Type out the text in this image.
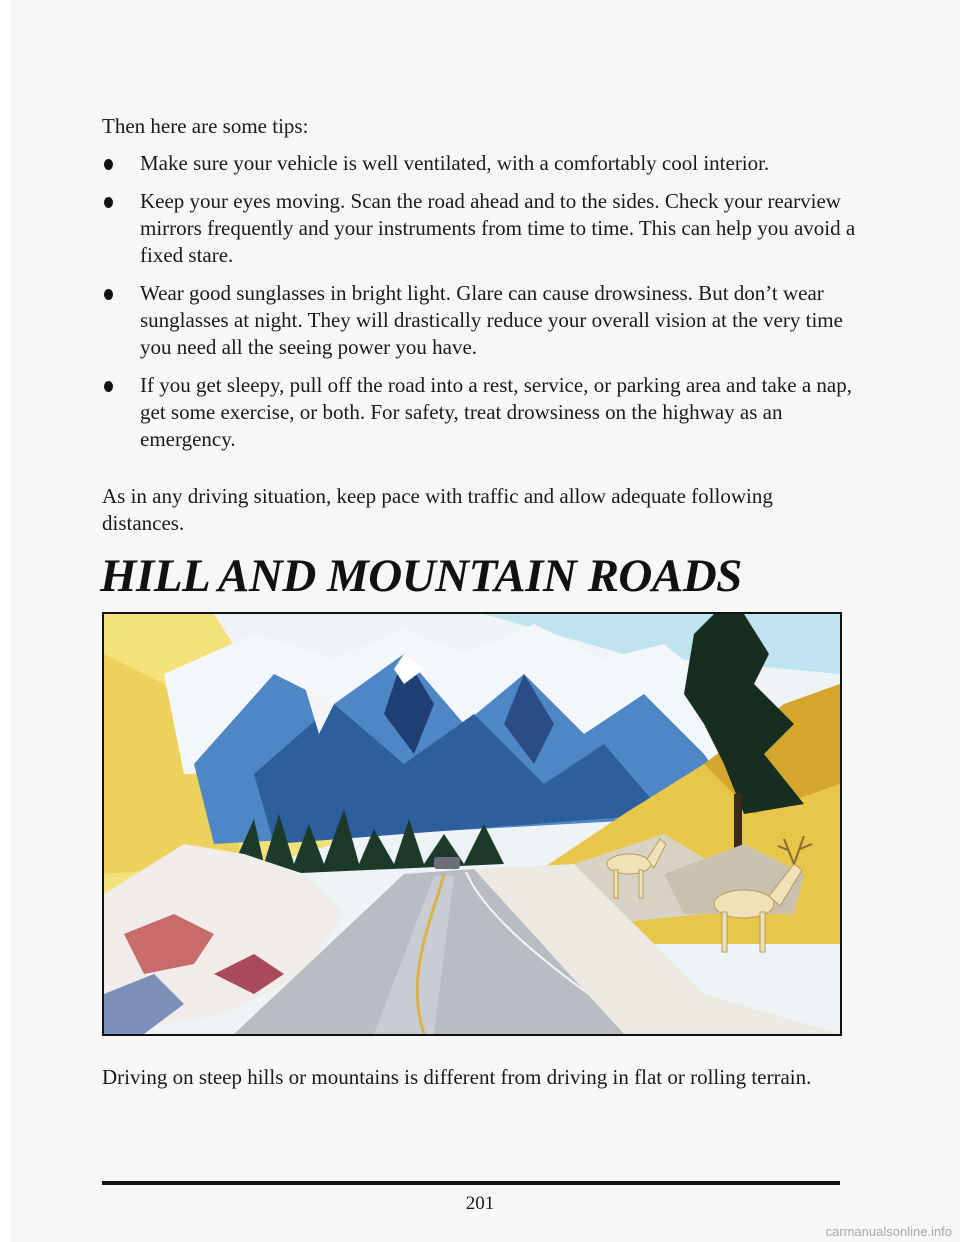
Then here are some tips:

Make sure your vehicle is well ventilated, with a comfortably cool interior.
Keep your eyes moving. Scan the road ahead and to the sides. Check your rearview mirrors frequently and your instruments from time to time. This can help you avoid a fixed stare.
Wear good sunglasses in bright light. Glare can cause drowsiness. But don’t wear sunglasses at night. They will drastically reduce your overall vision at the very time you need all the seeing power you have.
If you get sleepy, pull off the road into a rest, service, or parking area and take a nap, get some exercise, or both. For safety, treat drowsiness on the highway as an emergency.

As in any driving situation, keep pace with traffic and allow adequate following distances.

HILL AND MOUNTAIN ROADS

Driving on steep hills or mountains is different from driving in flat or rolling terrain.

201
carmanualsonline.info
